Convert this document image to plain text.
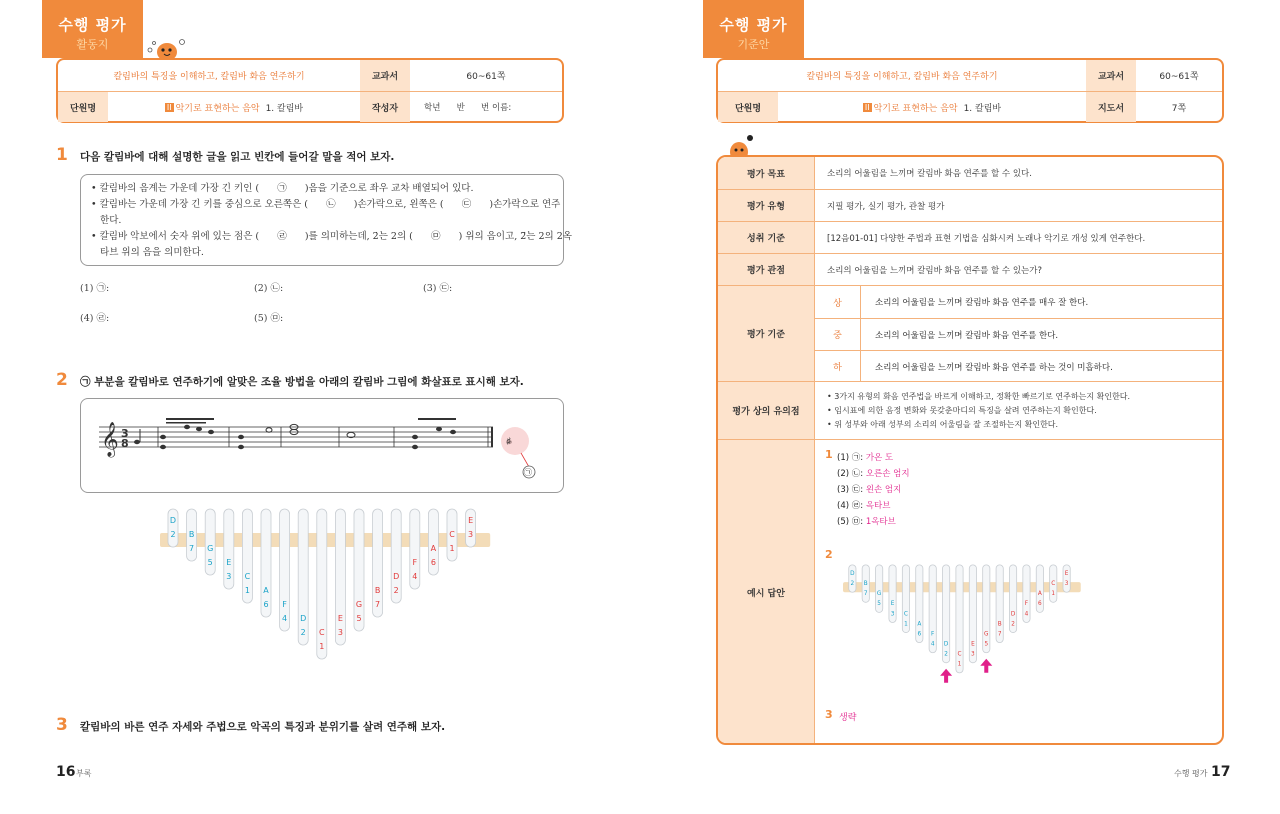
수행 평가
활동지
칼림바의 특징을 이해하고, 칼림바 화음 연주하기	교과서	60~61쪽
단원명	II 악기로 표현하는 음악 1. 칼림바	작성자	학년      반      번 이름:
1 다음 칼림바에 대해 설명한 글을 읽고 빈칸에 들어갈 말을 적어 보자.
• 칼림바의 음계는 가운데 가장 긴 키인 (      ㉠      )음을 기준으로 좌우 교차 배열되어 있다.
• 칼림바는 가운데 가장 긴 키를 중심으로 오른쪽은 (      ㉡      )손가락으로, 왼쪽은 (      ㉢      )손가락으로 연주
한다.
• 칼림바 악보에서 숫자 위에 있는 점은 (      ㉣      )를 의미하는데, 2̇는 2의 (      ㉤      ) 위의 음이고, 2̈는 2의 2옥
타브 위의 음을 의미한다.
(1) ㉠:	(2) ㉡:	(3) ㉢:
(4) ㉣:	(5) ㉤:
2 ㉠ 부분을 칼림바로 연주하기에 알맞은 조율 방법을 아래의 칼림바 그림에 화살표로 표시해 보자.
𝄞 3
8	♯
㉠
D
2 B
7 G
5 E
3 C
1 A
6 F
4 D
2 C
1
E
3
G
5
B
7
D
2
F
4
A
6
C
1
E
3
3 칼림바의 바른 연주 자세와 주법으로 악곡의 특징과 분위기를 살려 연주해 보자.
16 부록
수행 평가
기준안
칼림바의 특징을 이해하고, 칼림바 화음 연주하기	교과서	60~61쪽
단원명	II 악기로 표현하는 음악 1. 칼림바	지도서	7쪽
평가 목표	소리의 어울림을 느끼며 칼림바 화음 연주를 할 수 있다.
평가 유형	지필 평가, 실기 평가, 관찰 평가
성취 기준	[12음01-01] 다양한 주법과 표현 기법을 심화시켜 노래나 악기로 개성 있게 연주한다.
평가 관점	소리의 어울림을 느끼며 칼림바 화음 연주를 할 수 있는가?
평가 기준
상	소리의 어울림을 느끼며 칼림바 화음 연주를 매우 잘 한다.
중	소리의 어울림을 느끼며 칼림바 화음 연주를 한다.
하	소리의 어울림을 느끼며 칼림바 화음 연주를 하는 것이 미흡하다.
평가 상의 유의점
• 3가지 유형의 화음 연주법을 바르게 이해하고, 정확한 빠르기로 연주하는지 확인한다.
• 임시표에 의한 음정 변화와 못갖춘마디의 특징을 살려 연주하는지 확인한다.
• 위 성부와 아래 성부의 소리의 어울림을 잘 조절하는지 확인한다.
예시 답안
1 (1) ㉠: 가온 도
(2) ㉡: 오른손 엄지
(3) ㉢: 왼손 엄지
(4) ㉣: 옥타브
(5) ㉤: 1옥타브
2
D
2 B
7 G
5 E
3 C
1 A
6 F
4 D
2 C
1
E
3
G
5
B
7
D
2
F
4
A
6
C
1
E
3
3 생략
수행 평가 17
